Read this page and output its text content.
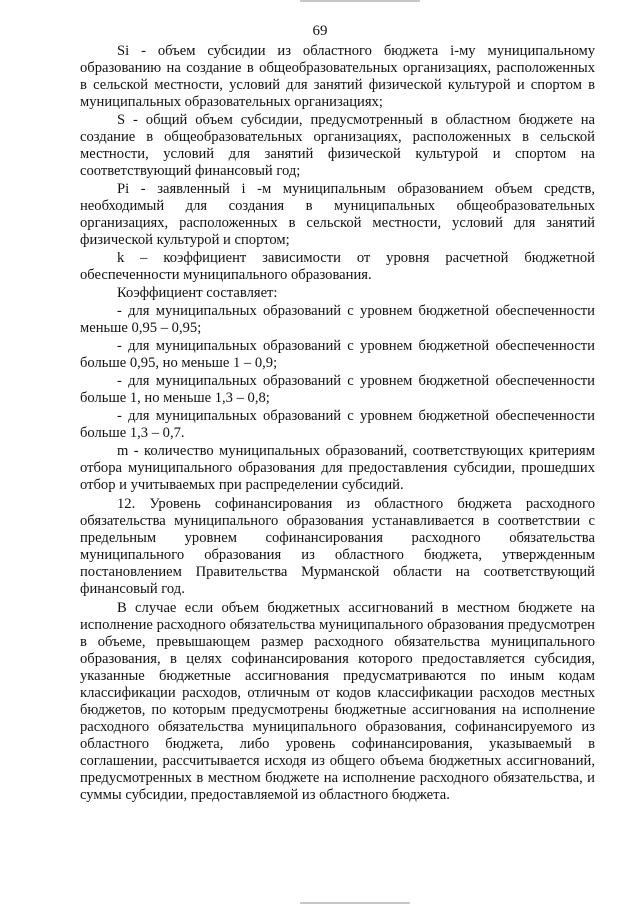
69

Si - объем субсидии из областного бюджета i-му муниципальному образованию на создание в общеобразовательных организациях, расположенных в сельской местности, условий для занятий физической культурой и спортом в муниципальных образовательных организациях;

S - общий объем субсидии, предусмотренный в областном бюджете на создание в общеобразовательных организациях, расположенных в сельской местности, условий для занятий физической культурой и спортом на соответствующий финансовый год;

Pi - заявленный i -м муниципальным образованием объем средств, необходимый для создания в муниципальных общеобразовательных организациях, расположенных в сельской местности, условий для занятий физической культурой и спортом;

k – коэффициент зависимости от уровня расчетной бюджетной обеспеченности муниципального образования.

Коэффициент составляет:

- для муниципальных образований с уровнем бюджетной обеспеченности меньше 0,95 – 0,95;

- для муниципальных образований с уровнем бюджетной обеспеченности больше 0,95, но меньше 1 – 0,9;

- для муниципальных образований с уровнем бюджетной обеспеченности больше 1, но меньше 1,3 – 0,8;

- для муниципальных образований с уровнем бюджетной обеспеченности больше 1,3 – 0,7.

m - количество муниципальных образований, соответствующих критериям отбора муниципального образования для предоставления субсидии, прошедших отбор и учитываемых при распределении субсидий.

12. Уровень софинансирования из областного бюджета расходного обязательства муниципального образования устанавливается в соответствии с предельным уровнем софинансирования расходного обязательства муниципального образования из областного бюджета, утвержденным постановлением Правительства Мурманской области на соответствующий финансовый год.

В случае если объем бюджетных ассигнований в местном бюджете на исполнение расходного обязательства муниципального образования предусмотрен в объеме, превышающем размер расходного обязательства муниципального образования, в целях софинансирования которого предоставляется субсидия, указанные бюджетные ассигнования предусматриваются по иным кодам классификации расходов, отличным от кодов классификации расходов местных бюджетов, по которым предусмотрены бюджетные ассигнования на исполнение расходного обязательства муниципального образования, софинансируемого из областного бюджета, либо уровень софинансирования, указываемый в соглашении, рассчитывается исходя из общего объема бюджетных ассигнований, предусмотренных в местном бюджете на исполнение расходного обязательства, и суммы субсидии, предоставляемой из областного бюджета.
